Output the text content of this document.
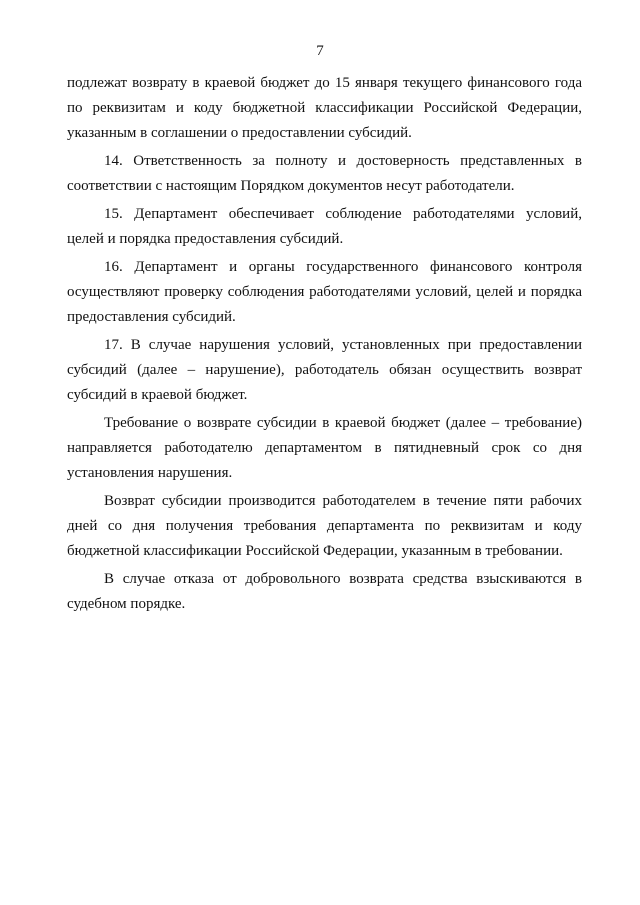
7

подлежат возврату в краевой бюджет до 15 января текущего финансового года по реквизитам и коду бюджетной классификации Российской Федерации, указанным в соглашении о предоставлении субсидий.

14. Ответственность за полноту и достоверность представленных в соответствии с настоящим Порядком документов несут работодатели.

15. Департамент обеспечивает соблюдение работодателями условий, целей и порядка предоставления субсидий.

16. Департамент и органы государственного финансового контроля осуществляют проверку соблюдения работодателями условий, целей и порядка предоставления субсидий.

17. В случае нарушения условий, установленных при предоставлении субсидий (далее – нарушение), работодатель обязан осуществить возврат субсидий в краевой бюджет.

Требование о возврате субсидии в краевой бюджет (далее – требование) направляется работодателю департаментом в пятидневный срок со дня установления нарушения.

Возврат субсидии производится работодателем в течение пяти рабочих дней со дня получения требования департамента по реквизитам и коду бюджетной классификации Российской Федерации, указанным в требовании.

В случае отказа от добровольного возврата средства взыскиваются в судебном порядке.
